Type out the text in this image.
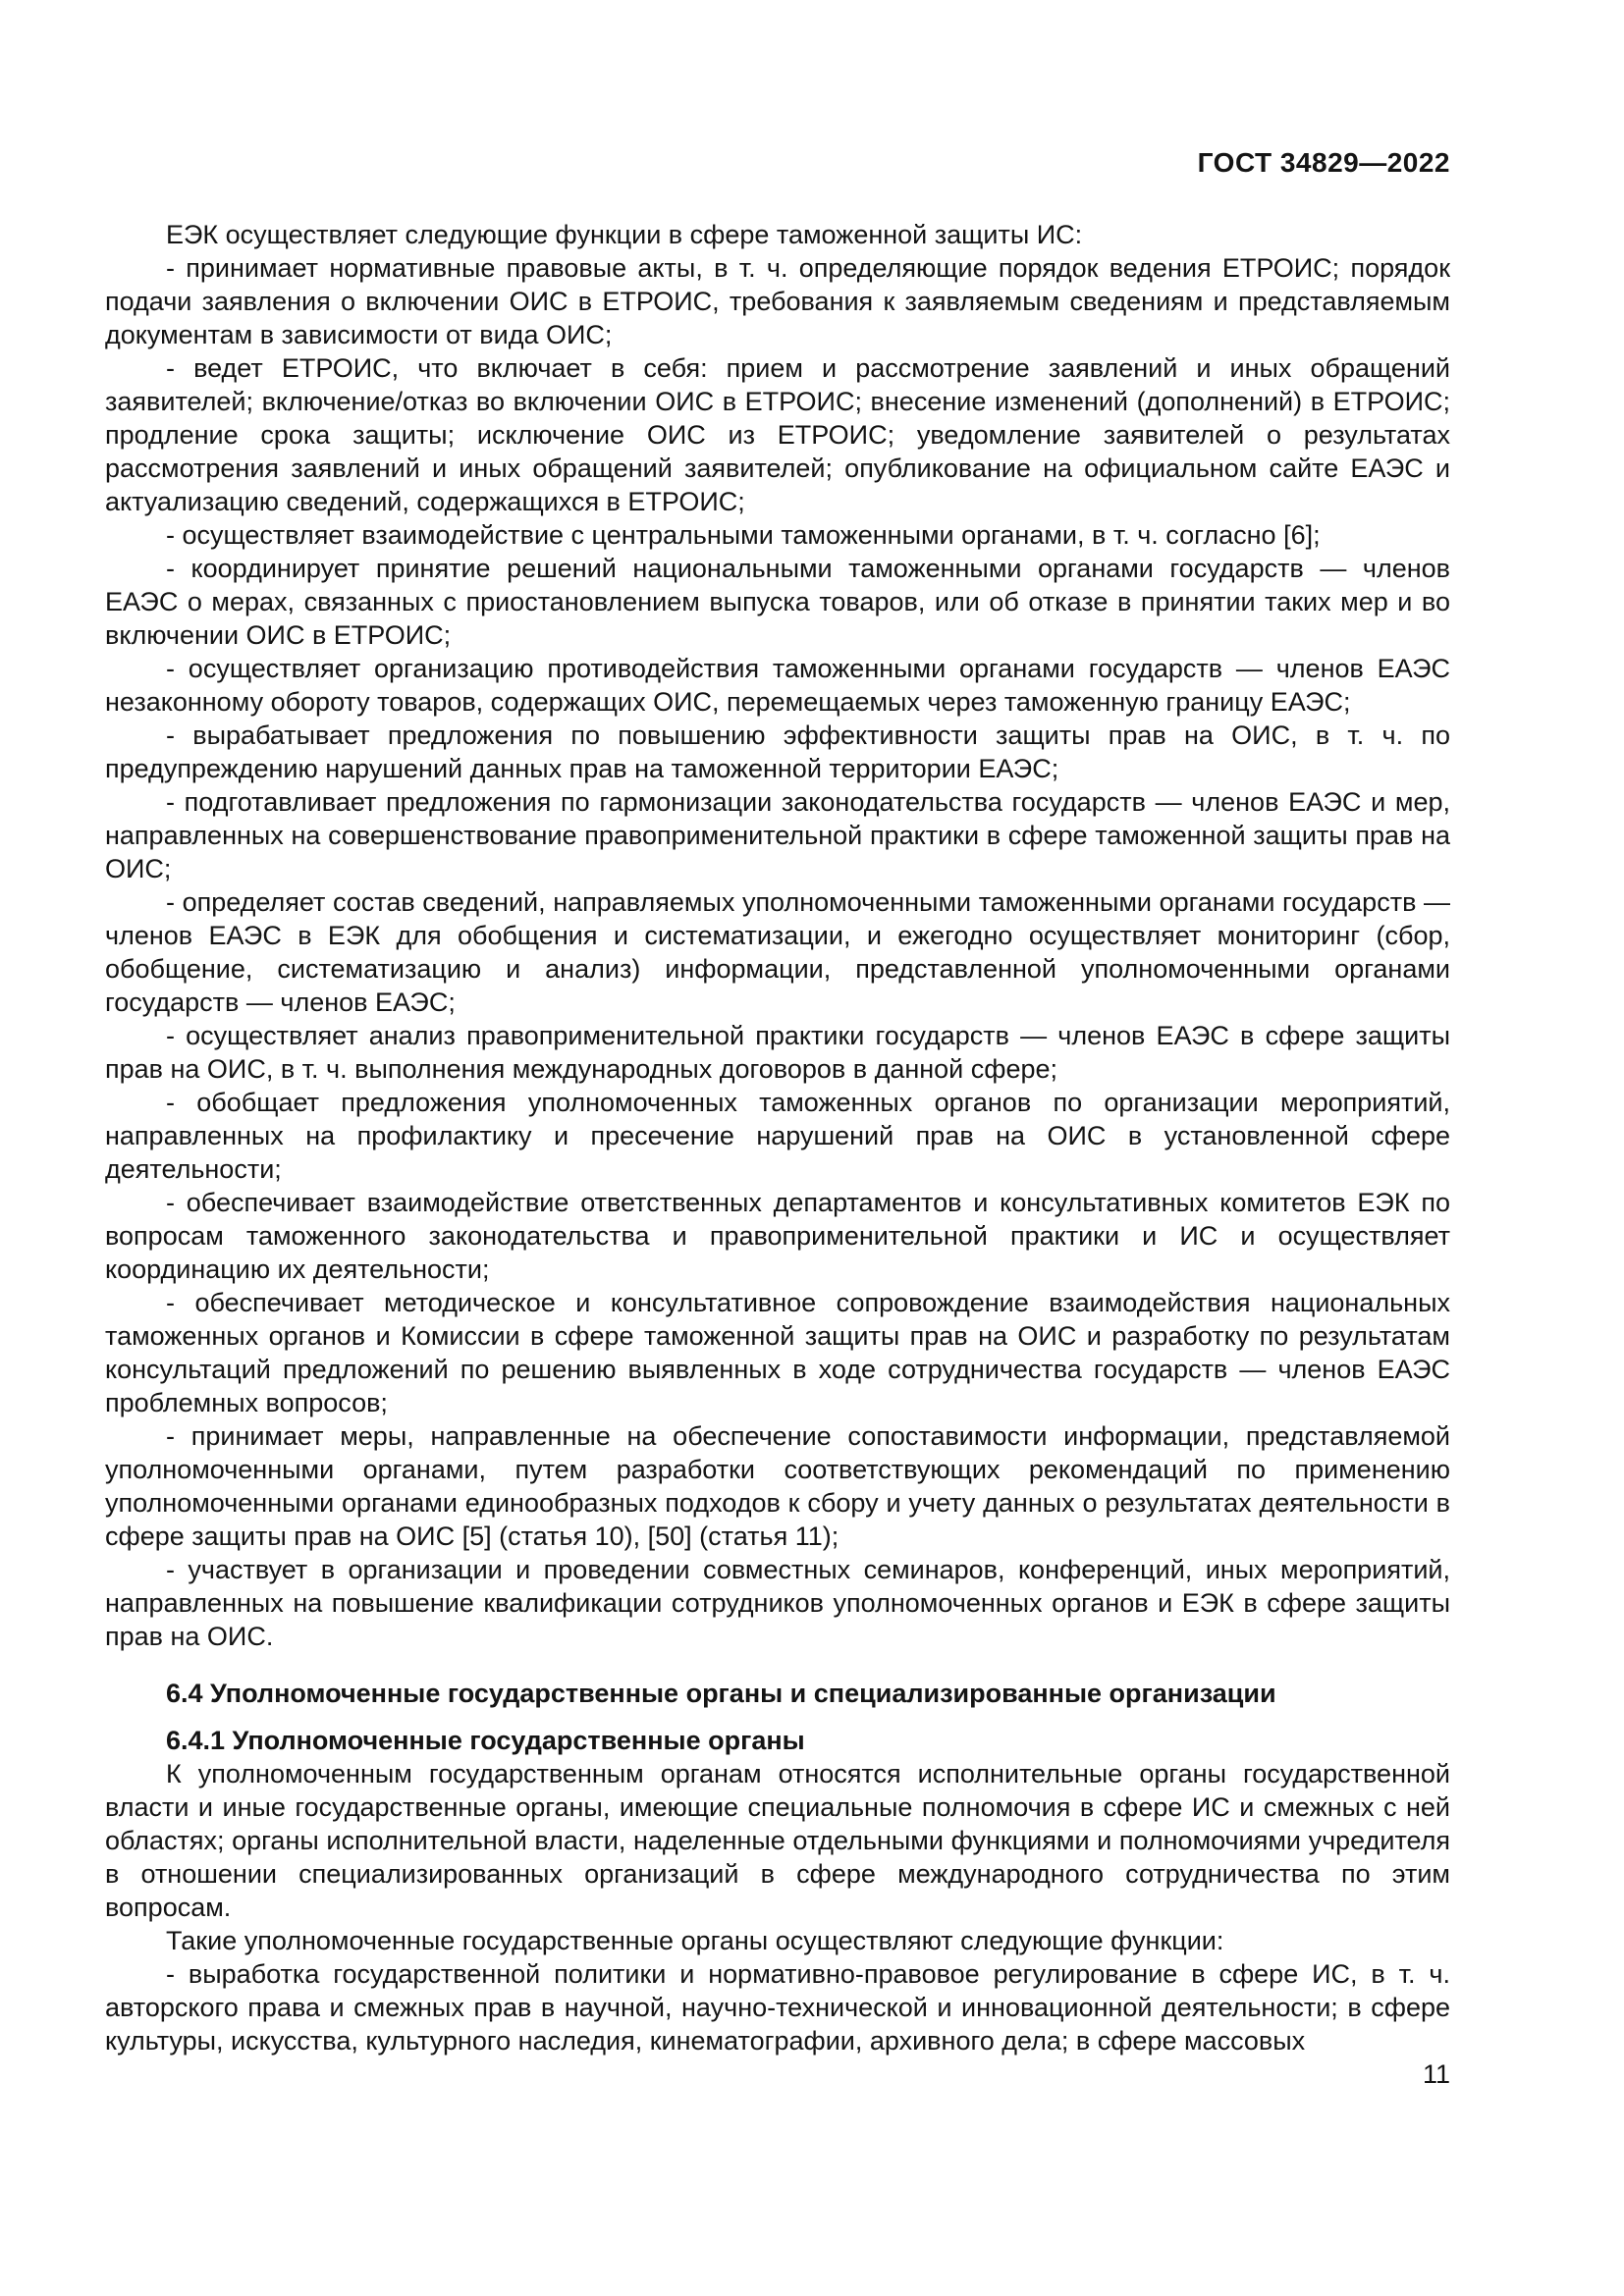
ГОСТ 34829—2022

ЕЭК осуществляет следующие функции в сфере таможенной защиты ИС:

- принимает нормативные правовые акты, в т. ч. определяющие порядок ведения ЕТРОИС; порядок подачи заявления о включении ОИС в ЕТРОИС, требования к заявляемым сведениям и представляемым документам в зависимости от вида ОИС;

- ведет ЕТРОИС, что включает в себя: прием и рассмотрение заявлений и иных обращений заявителей; включение/отказ во включении ОИС в ЕТРОИС; внесение изменений (дополнений) в ЕТРОИС; продление срока защиты; исключение ОИС из ЕТРОИС; уведомление заявителей о результатах рассмотрения заявлений и иных обращений заявителей; опубликование на официальном сайте ЕАЭС и актуализацию сведений, содержащихся в ЕТРОИС;

- осуществляет взаимодействие с центральными таможенными органами, в т. ч. согласно [6];

- координирует принятие решений национальными таможенными органами государств — членов ЕАЭС о мерах, связанных с приостановлением выпуска товаров, или об отказе в принятии таких мер и во включении ОИС в ЕТРОИС;

- осуществляет организацию противодействия таможенными органами государств — членов ЕАЭС незаконному обороту товаров, содержащих ОИС, перемещаемых через таможенную границу ЕАЭС;

- вырабатывает предложения по повышению эффективности защиты прав на ОИС, в т. ч. по предупреждению нарушений данных прав на таможенной территории ЕАЭС;

- подготавливает предложения по гармонизации законодательства государств — членов ЕАЭС и мер, направленных на совершенствование правоприменительной практики в сфере таможенной защиты прав на ОИС;

- определяет состав сведений, направляемых уполномоченными таможенными органами государств — членов ЕАЭС в ЕЭК для обобщения и систематизации, и ежегодно осуществляет мониторинг (сбор, обобщение, систематизацию и анализ) информации, представленной уполномоченными органами государств — членов ЕАЭС;

- осуществляет анализ правоприменительной практики государств — членов ЕАЭС в сфере защиты прав на ОИС, в т. ч. выполнения международных договоров в данной сфере;

- обобщает предложения уполномоченных таможенных органов по организации мероприятий, направленных на профилактику и пресечение нарушений прав на ОИС в установленной сфере деятельности;

- обеспечивает взаимодействие ответственных департаментов и консультативных комитетов ЕЭК по вопросам таможенного законодательства и правоприменительной практики и ИС и осуществляет координацию их деятельности;

- обеспечивает методическое и консультативное сопровождение взаимодействия национальных таможенных органов и Комиссии в сфере таможенной защиты прав на ОИС и разработку по результатам консультаций предложений по решению выявленных в ходе сотрудничества государств — членов ЕАЭС проблемных вопросов;

- принимает меры, направленные на обеспечение сопоставимости информации, представляемой уполномоченными органами, путем разработки соответствующих рекомендаций по применению уполномоченными органами единообразных подходов к сбору и учету данных о результатах деятельности в сфере защиты прав на ОИС [5] (статья 10), [50] (статья 11);

- участвует в организации и проведении совместных семинаров, конференций, иных мероприятий, направленных на повышение квалификации сотрудников уполномоченных органов и ЕЭК в сфере защиты прав на ОИС.

6.4 Уполномоченные государственные органы и специализированные организации
6.4.1 Уполномоченные государственные органы

К уполномоченным государственным органам относятся исполнительные органы государственной власти и иные государственные органы, имеющие специальные полномочия в сфере ИС и смежных с ней областях; органы исполнительной власти, наделенные отдельными функциями и полномочиями учредителя в отношении специализированных организаций в сфере международного сотрудничества по этим вопросам.

Такие уполномоченные государственные органы осуществляют следующие функции:

- выработка государственной политики и нормативно-правовое регулирование в сфере ИС, в т. ч. авторского права и смежных прав в научной, научно-технической и инновационной деятельности; в сфере культуры, искусства, культурного наследия, кинематографии, архивного дела; в сфере массовых

11
